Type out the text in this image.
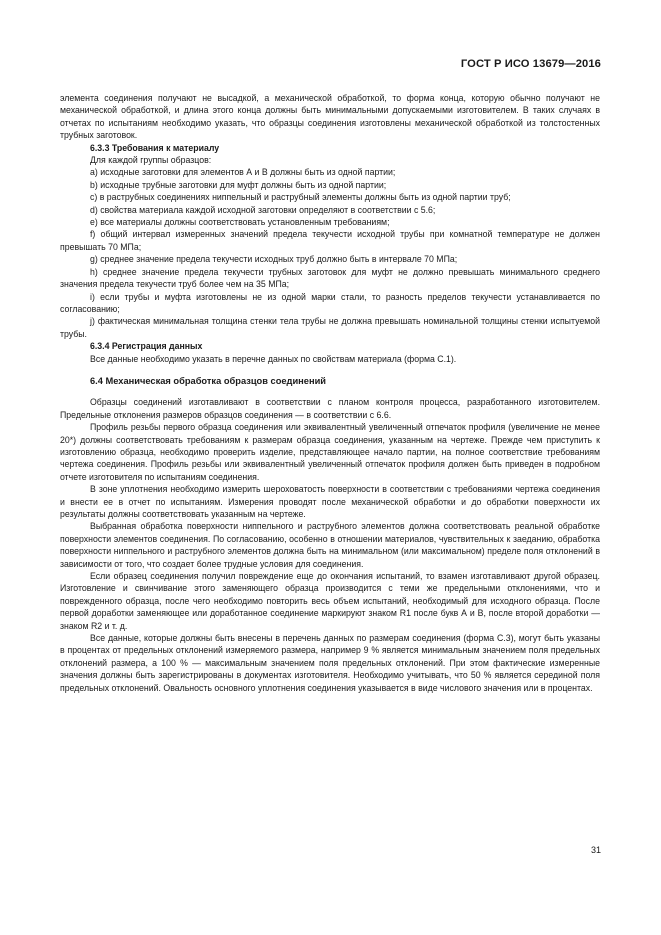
ГОСТ Р ИСО 13679—2016

элемента соединения получают не высадкой, а механической обработкой, то форма конца, которую обычно получают не механической обработкой, и длина этого конца должны быть минимальными допускаемыми изготовителем. В таких случаях в отчетах по испытаниям необходимо указать, что образцы соединения изготовлены механической обработкой из толстостенных трубных заготовок.

6.3.3 Требования к материалу

Для каждой группы образцов:

а) исходные заготовки для элементов А и В должны быть из одной партии;

b) исходные трубные заготовки для муфт должны быть из одной партии;

с) в раструбных соединениях ниппельный и раструбный элементы должны быть из одной партии труб;

d) свойства материала каждой исходной заготовки определяют в соответствии с 5.6;

е) все материалы должны соответствовать установленным требованиям;

f) общий интервал измеренных значений предела текучести исходной трубы при комнатной температуре не должен превышать 70 МПа;

g) среднее значение предела текучести исходных труб должно быть в интервале 70 МПа;

h) среднее значение предела текучести трубных заготовок для муфт не должно превышать минимального среднего значения предела текучести труб более чем на 35 МПа;

i) если трубы и муфта изготовлены не из одной марки стали, то разность пределов текучести устанавливается по согласованию;

j) фактическая минимальная толщина стенки тела трубы не должна превышать номинальной толщины стенки испытуемой трубы.

6.3.4 Регистрация данных

Все данные необходимо указать в перечне данных по свойствам материала (форма С.1).

6.4 Механическая обработка образцов соединений

Образцы соединений изготавливают в соответствии с планом контроля процесса, разработанного изготовителем. Предельные отклонения размеров образцов соединения — в соответствии с 6.6.

Профиль резьбы первого образца соединения или эквивалентный увеличенный отпечаток профиля (увеличение не менее 20*) должны соответствовать требованиям к размерам образца соединения, указанным на чертеже. Прежде чем приступить к изготовлению образца, необходимо проверить изделие, представляющее начало партии, на полное соответствие требованиям чертежа соединения. Профиль резьбы или эквивалентный увеличенный отпечаток профиля должен быть приведен в подробном отчете изготовителя по испытаниям соединения.

В зоне уплотнения необходимо измерить шероховатость поверхности в соответствии с требованиями чертежа соединения и внести ее в отчет по испытаниям. Измерения проводят после механической обработки и до обработки поверхности их результаты должны соответствовать указанным на чертеже.

Выбранная обработка поверхности ниппельного и раструбного элементов должна соответствовать реальной обработке поверхности элементов соединения. По согласованию, особенно в отношении материалов, чувствительных к заеданию, обработка поверхности ниппельного и раструбного элементов должна быть на минимальном (или максимальном) пределе поля отклонений в зависимости от того, что создает более трудные условия для соединения.

Если образец соединения получил повреждение еще до окончания испытаний, то взамен изготавливают другой образец. Изготовление и свинчивание этого заменяющего образца производится с теми же предельными отклонениями, что и поврежденного образца, после чего необходимо повторить весь объем испытаний, необходимый для исходного образца. После первой доработки заменяющее или доработанное соединение маркируют знаком R1 после букв А и В, после второй доработки — знаком R2 и т. д.

Все данные, которые должны быть внесены в перечень данных по размерам соединения (форма С.3), могут быть указаны в процентах от предельных отклонений измеряемого размера, например 9 % является минимальным значением поля предельных отклонений размера, а 100 % — максимальным значением поля предельных отклонений. При этом фактические измеренные значения должны быть зарегистрированы в документах изготовителя. Необходимо учитывать, что 50 % является серединой поля предельных отклонений. Овальность основного уплотнения соединения указывается в виде числового значения или в процентах.

31
